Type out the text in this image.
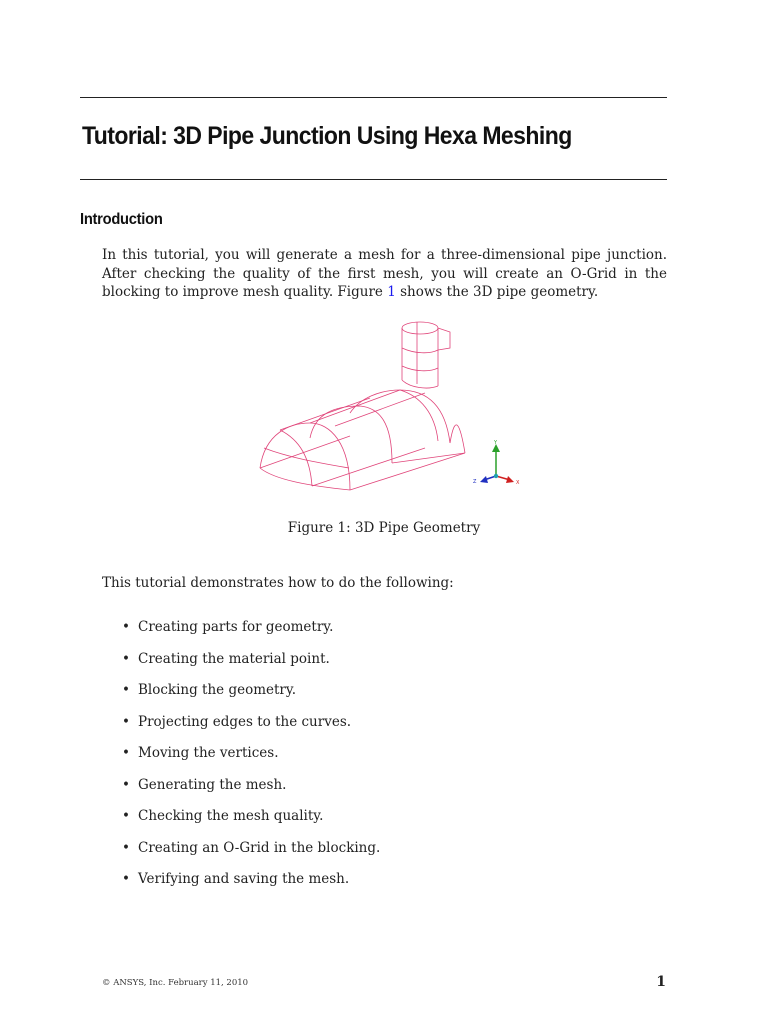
Tutorial: 3D Pipe Junction Using Hexa Meshing
Introduction

In this tutorial, you will generate a mesh for a three-dimensional pipe junction. After checking the quality of the first mesh, you will create an O-Grid in the blocking to improve mesh quality. Figure 1 shows the 3D pipe geometry.

Y
Z	X
Figure 1: 3D Pipe Geometry

This tutorial demonstrates how to do the following:

• Creating parts for geometry.
• Creating the material point.
• Blocking the geometry.
• Projecting edges to the curves.
• Moving the vertices.
• Generating the mesh.
• Checking the mesh quality.
• Creating an O-Grid in the blocking.
• Verifying and saving the mesh.
© ANSYS, Inc. February 11, 2010	1
